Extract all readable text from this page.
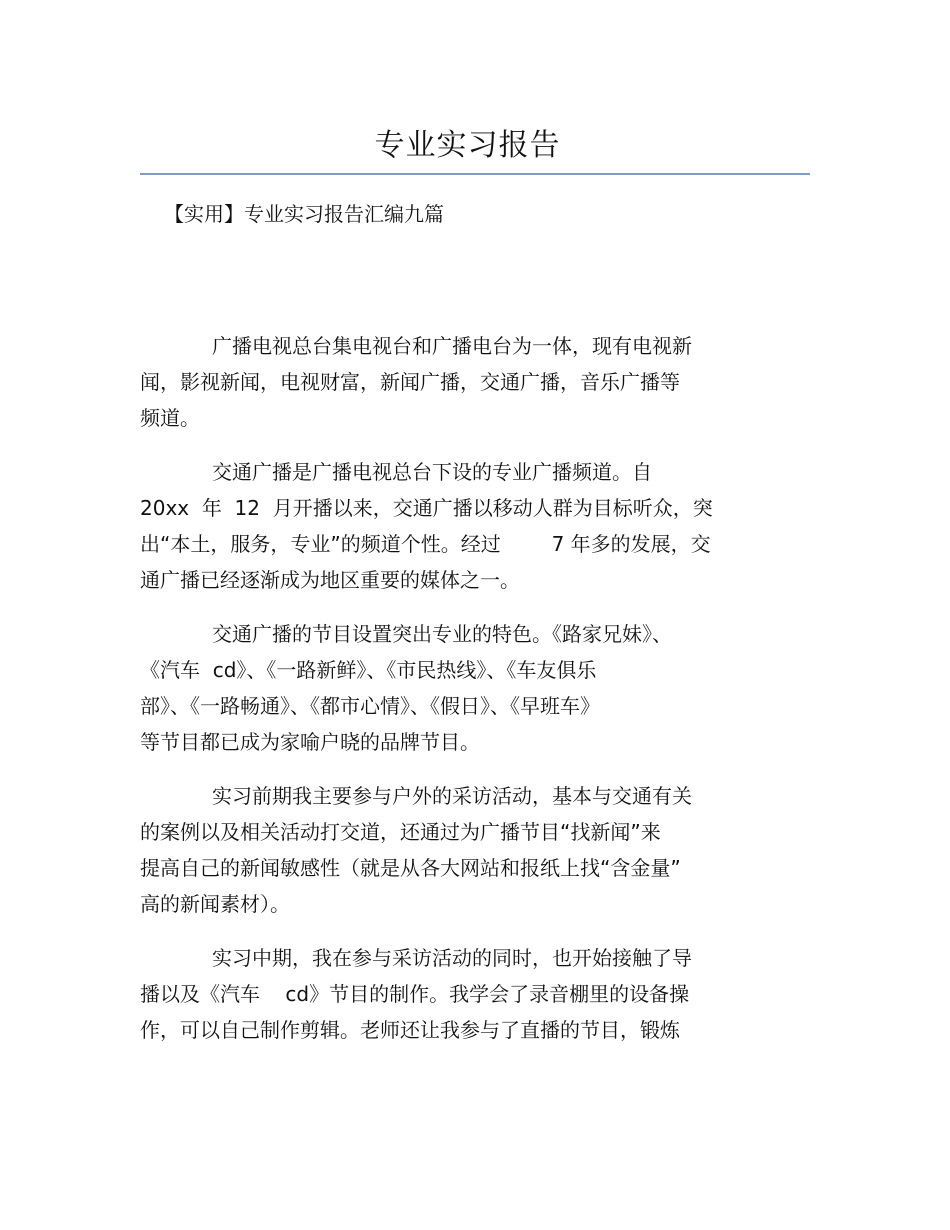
专业实习报告
【实用】专业实习报告汇编九篇

广播电视总台集电视台和广播电台为一体，现有电视新
闻，影视新闻，电视财富，新闻广播，交通广播，音乐广播等
频道。

交通广播是广播电视总台下设的专业广播频道。自
20xx  年  12  月开播以来，交通广播以移动人群为目标听众，突
出“本土，服务，专业”的频道个性。经过        7 年多的发展，交
通广播已经逐渐成为地区重要的媒体之一。

交通广播的节目设置突出专业的特色。《路家兄妹》、
《汽车  cd》、《一路新鲜》、《市民热线》、《车友俱乐
部》、《一路畅通》、《都市心情》、《假日》、《早班车》
等节目都已成为家喻户晓的品牌节目。

实习前期我主要参与户外的采访活动，基本与交通有关
的案例以及相关活动打交道，还通过为广播节目“找新闻”来
提高自己的新闻敏感性（就是从各大网站和报纸上找“含金量”
高的新闻素材）。

实习中期，我在参与采访活动的同时，也开始接触了导
播以及《汽车    cd》节目的制作。我学会了录音棚里的设备操
作，可以自己制作剪辑。老师还让我参与了直播的节目，锻炼
